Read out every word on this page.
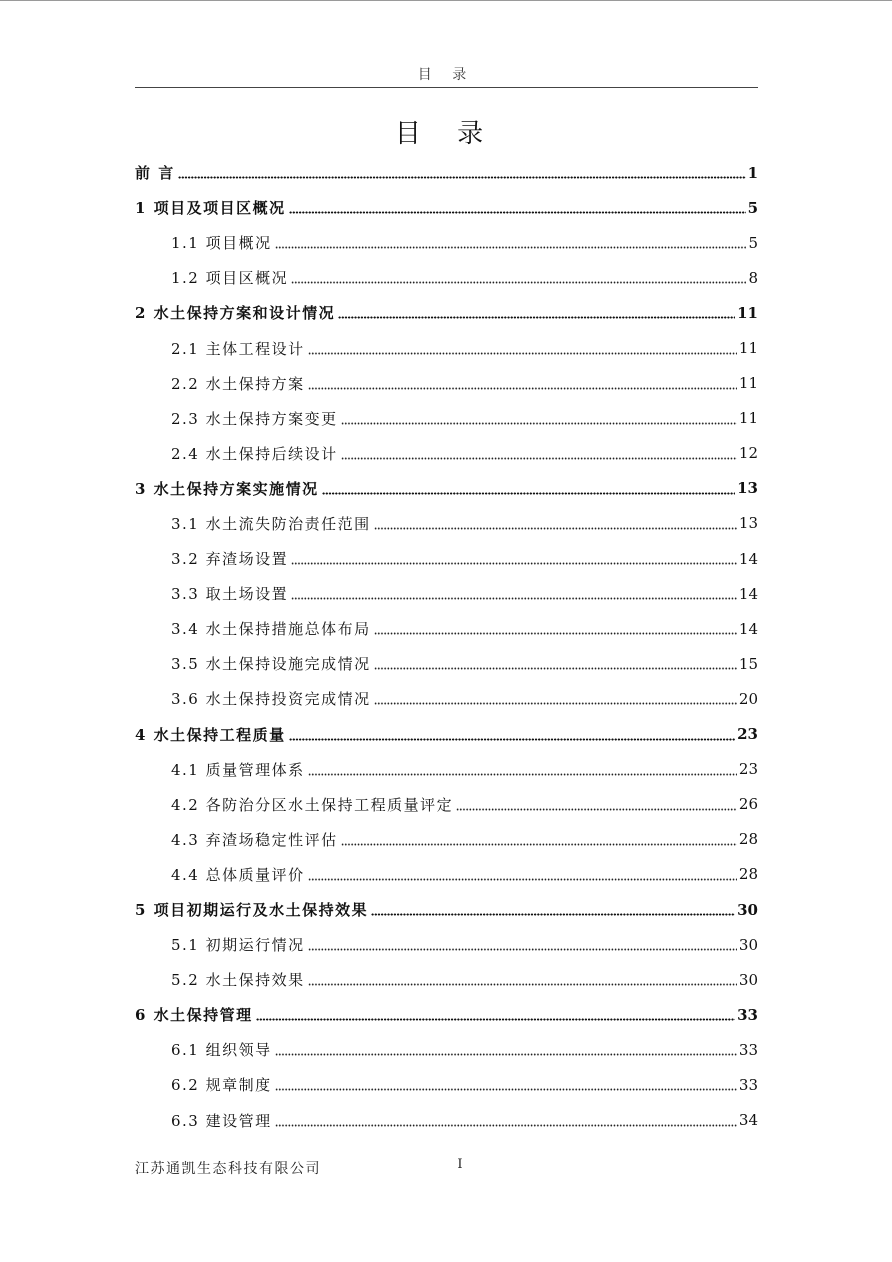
目 录
目 录
前 言	1
1 项目及项目区概况	5
1.1 项目概况	5
1.2 项目区概况	8
2 水土保持方案和设计情况	11
2.1 主体工程设计	11
2.2 水土保持方案	11
2.3 水土保持方案变更	11
2.4 水土保持后续设计	12
3 水土保持方案实施情况	13
3.1 水土流失防治责任范围	13
3.2 弃渣场设置	14
3.3 取土场设置	14
3.4 水土保持措施总体布局	14
3.5 水土保持设施完成情况	15
3.6 水土保持投资完成情况	20
4 水土保持工程质量	23
4.1 质量管理体系	23
4.2 各防治分区水土保持工程质量评定	26
4.3 弃渣场稳定性评估	28
4.4 总体质量评价	28
5 项目初期运行及水土保持效果	30
5.1 初期运行情况	30
5.2 水土保持效果	30
6 水土保持管理	33
6.1 组织领导	33
6.2 规章制度	33
6.3 建设管理	34
江苏通凯生态科技有限公司	I
